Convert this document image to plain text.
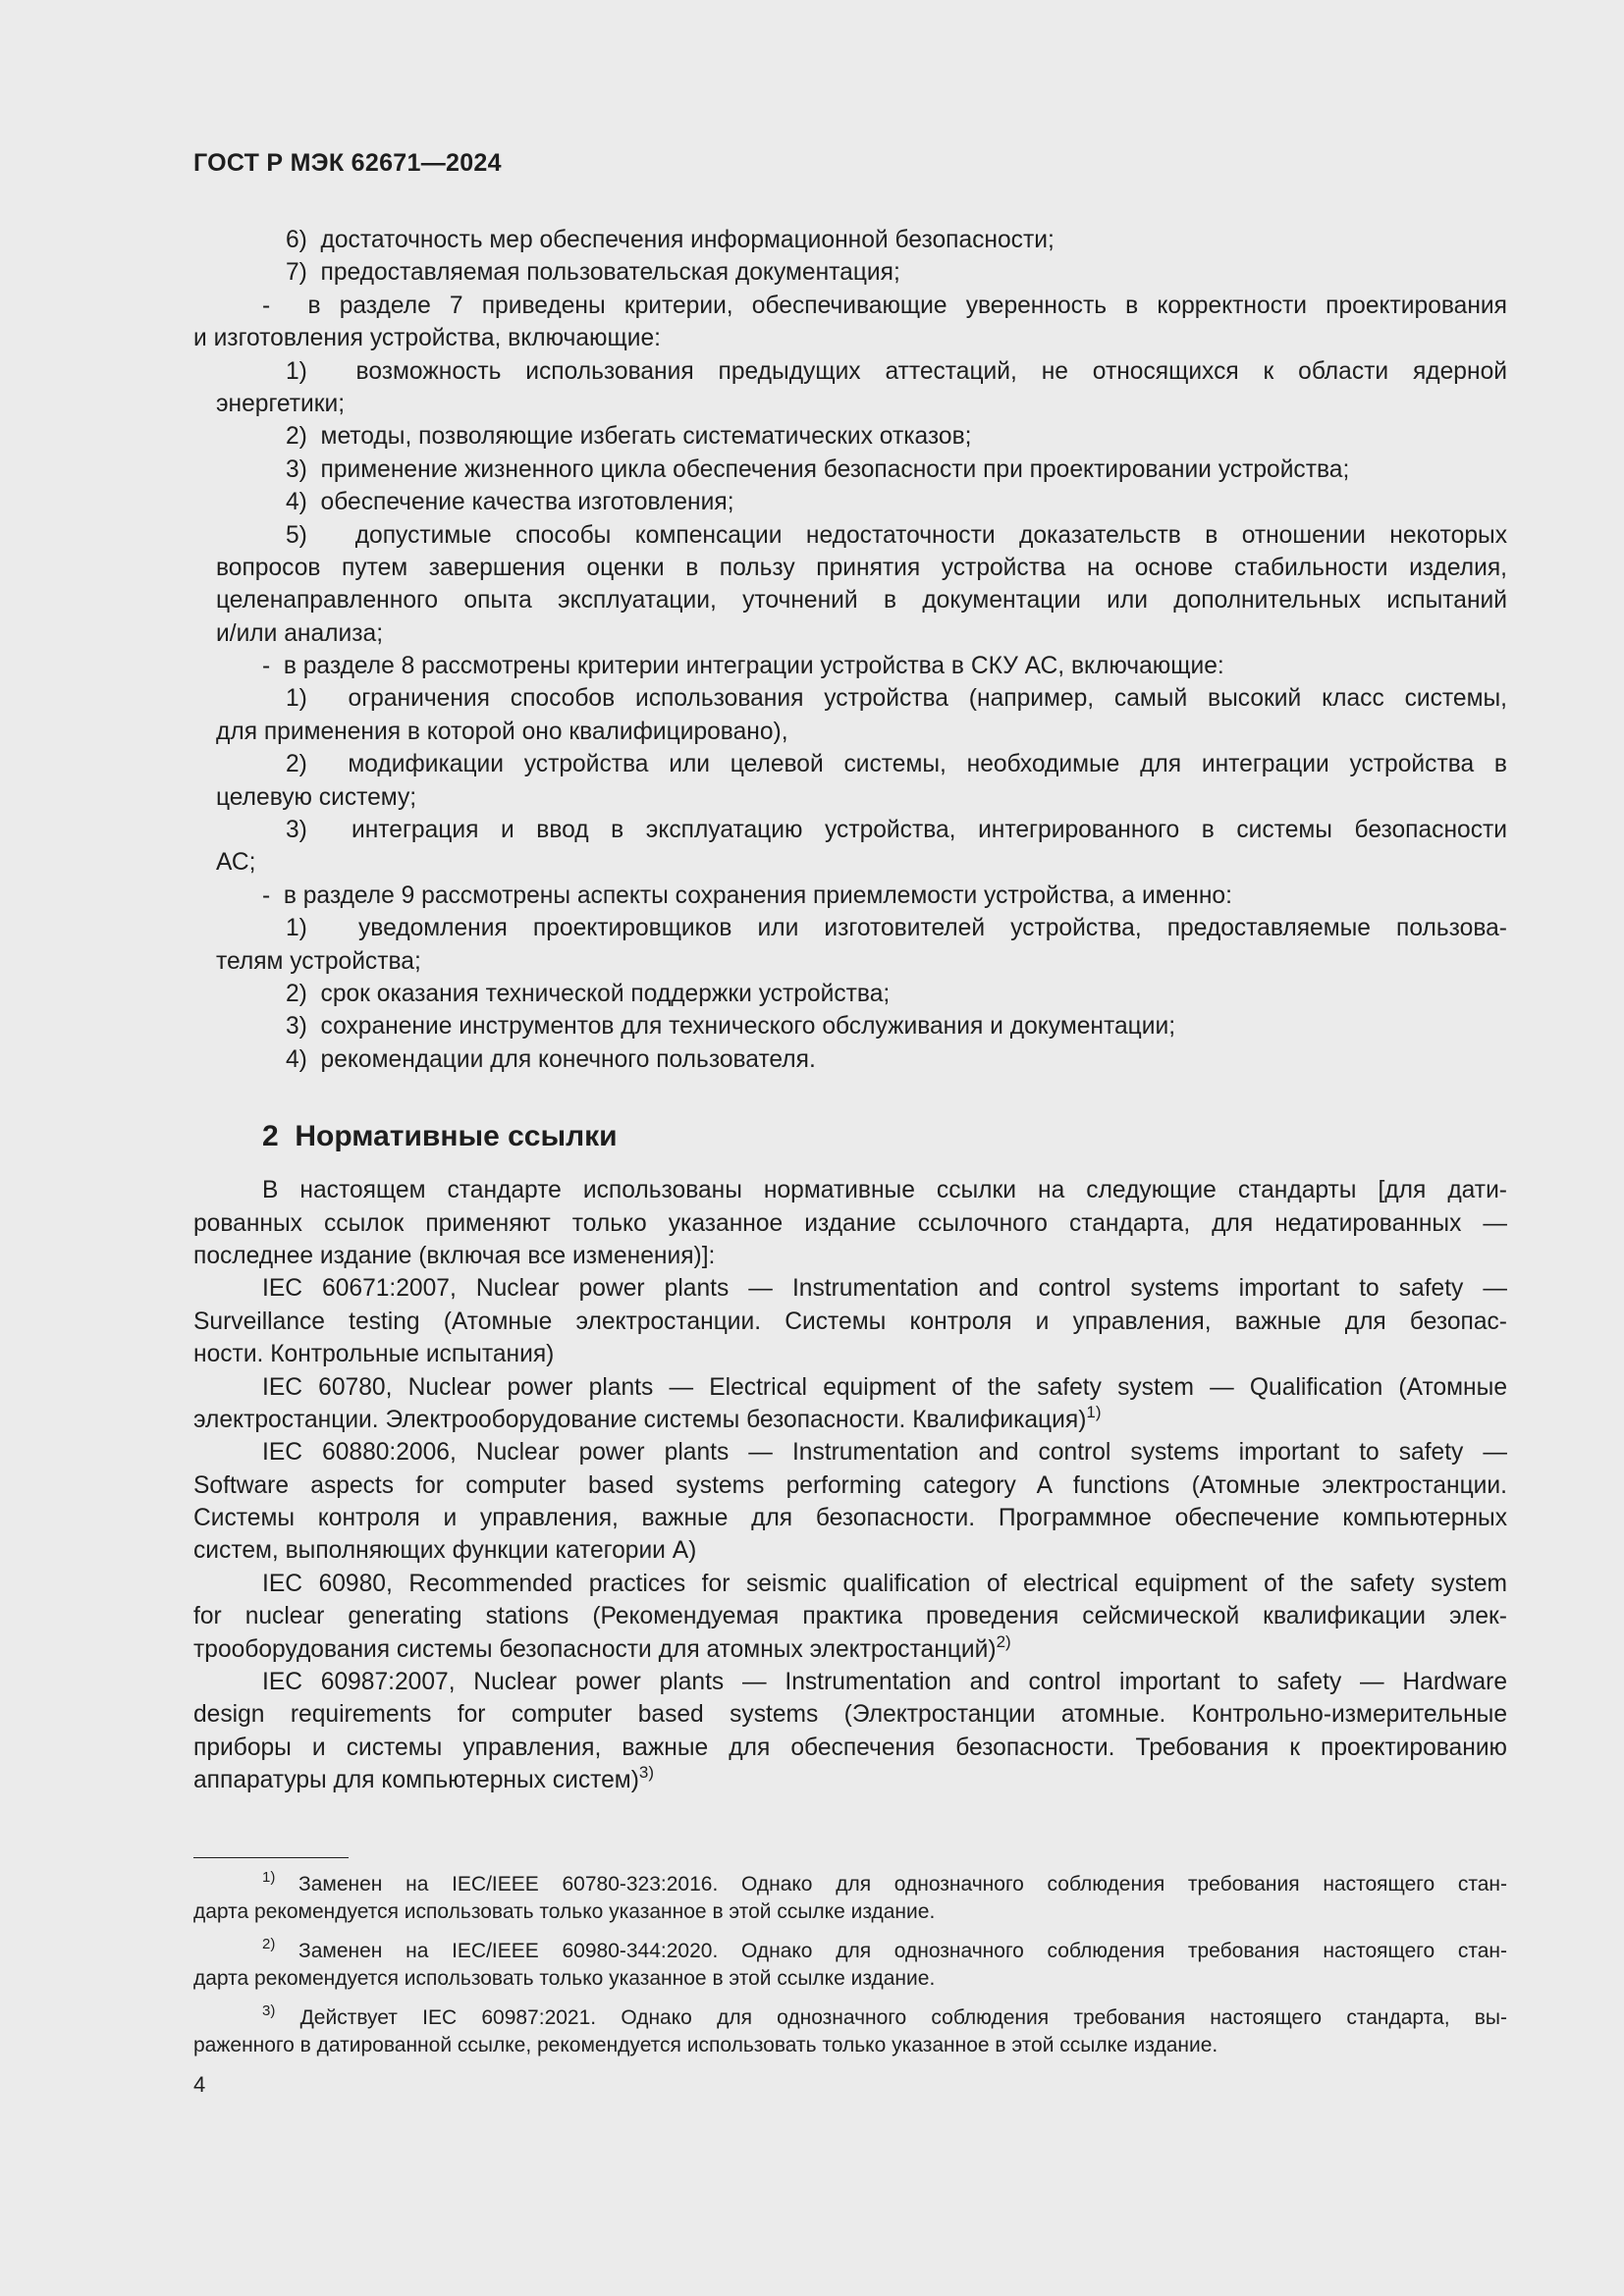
ГОСТ Р МЭК 62671—2024
6)  достаточность мер обеспечения информационной безопасности;
7)  предоставляемая пользовательская документация;
-  в разделе 7 приведены критерии, обеспечивающие уверенность в корректности проектирования
и изготовления устройства, включающие:
1)  возможность использования предыдущих аттестаций, не относящихся к области ядерной
энергетики;
2)  методы, позволяющие избегать систематических отказов;
3)  применение жизненного цикла обеспечения безопасности при проектировании устройства;
4)  обеспечение качества изготовления;
5)  допустимые способы компенсации недостаточности доказательств в отношении некоторых
вопросов путем завершения оценки в пользу принятия устройства на основе стабильности изделия,
целенаправленного опыта эксплуатации, уточнений в документации или дополнительных испытаний
и/или анализа;
-  в разделе 8 рассмотрены критерии интеграции устройства в СКУ АС, включающие:
1)  ограничения способов использования устройства (например, самый высокий класс системы,
для применения в которой оно квалифицировано),
2)  модификации устройства или целевой системы, необходимые для интеграции устройства в
целевую систему;
3)  интеграция и ввод в эксплуатацию устройства, интегрированного в системы безопасности
АС;
-  в разделе 9 рассмотрены аспекты сохранения приемлемости устройства, а именно:
1)  уведомления проектировщиков или изготовителей устройства, предоставляемые пользова-
телям устройства;
2)  срок оказания технической поддержки устройства;
3)  сохранение инструментов для технического обслуживания и документации;
4)  рекомендации для конечного пользователя.
2 Нормативные ссылки
В настоящем стандарте использованы нормативные ссылки на следующие стандарты [для дати-
рованных ссылок применяют только указанное издание ссылочного стандарта, для недатированных —
последнее издание (включая все изменения)]:
IEC 60671:2007, Nuclear power plants — Instrumentation and control systems important to safety —
Surveillance testing (Атомные электростанции. Системы контроля и управления, важные для безопас-
ности. Контрольные испытания)
IEC 60780, Nuclear power plants — Electrical equipment of the safety system — Qualification (Атомные
электростанции. Электрооборудование системы безопасности. Квалификация)$^{1)}$
IEC 60880:2006, Nuclear power plants — Instrumentation and control systems important to safety —
Software aspects for computer based systems performing category A functions (Атомные электростанции.
Системы контроля и управления, важные для безопасности. Программное обеспечение компьютерных
систем, выполняющих функции категории А)
IEC 60980, Recommended practices for seismic qualification of electrical equipment of the safety system
for nuclear generating stations (Рекомендуемая практика проведения сейсмической квалификации элек-
трооборудования системы безопасности для атомных электростанций)$^{2)}$
IEC 60987:2007, Nuclear power plants — Instrumentation and control important to safety — Hardware
design requirements for computer based systems (Электростанции атомные. Контрольно-измерительные
приборы и системы управления, важные для обеспечения безопасности. Требования к проектированию
аппаратуры для компьютерных систем)$^{3)}$
$^{1)}$ Заменен на IEC/IEEE 60780-323:2016. Однако для однозначного соблюдения требования настоящего стан-
дарта рекомендуется использовать только указанное в этой ссылке издание.
$^{2)}$ Заменен на IEC/IEEE 60980-344:2020. Однако для однозначного соблюдения требования настоящего стан-
дарта рекомендуется использовать только указанное в этой ссылке издание.
$^{3)}$ Действует IEC 60987:2021. Однако для однозначного соблюдения требования настоящего стандарта, вы-
раженного в датированной ссылке, рекомендуется использовать только указанное в этой ссылке издание.
4
